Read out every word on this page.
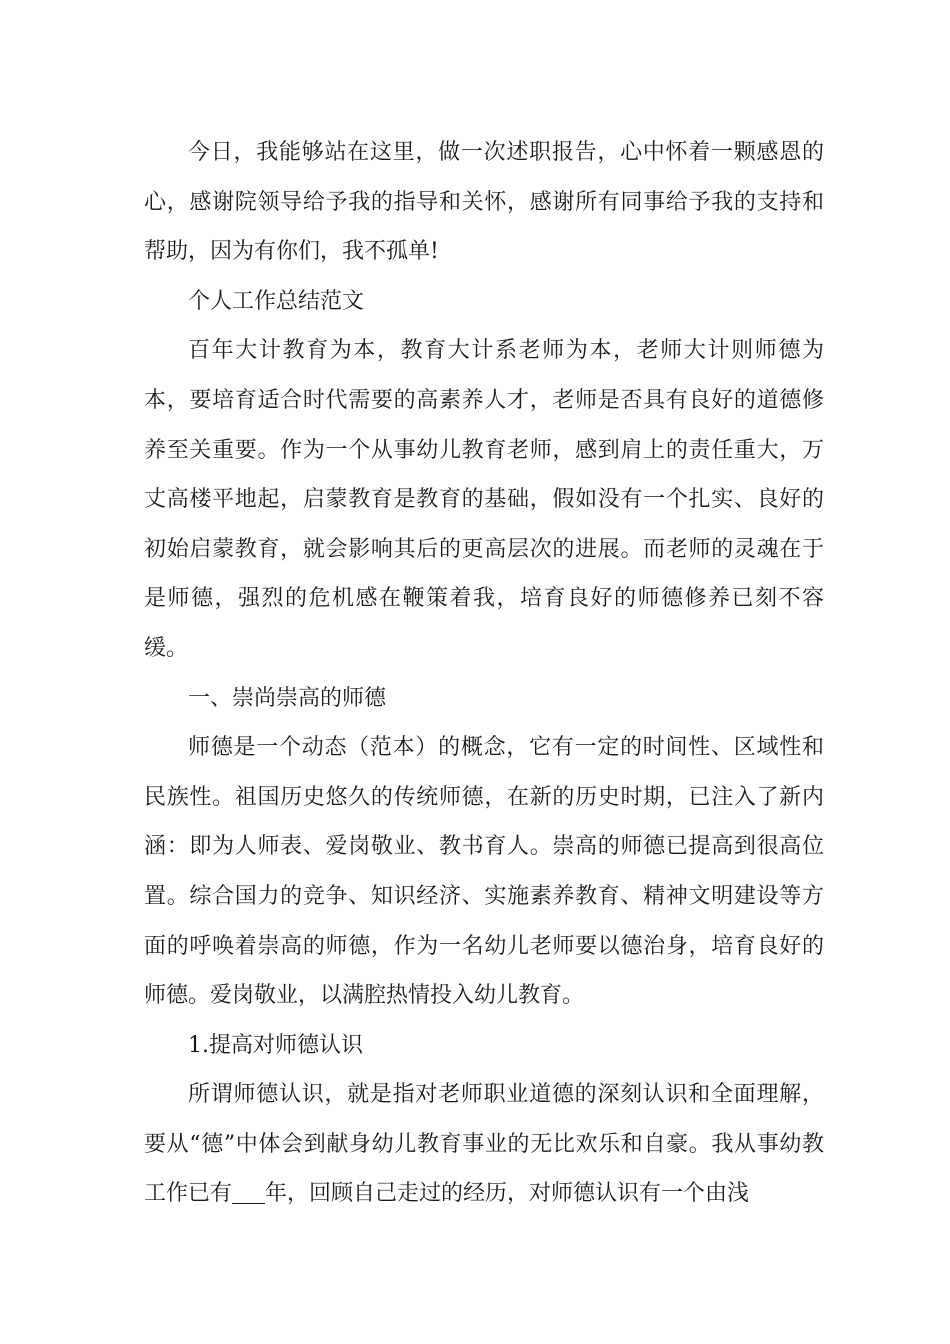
今日，我能够站在这里，做一次述职报告，心中怀着一颗感恩的心，感谢院领导给予我的指导和关怀，感谢所有同事给予我的支持和帮助，因为有你们，我不孤单!

个人工作总结范文

百年大计教育为本，教育大计系老师为本，老师大计则师德为本，要培育适合时代需要的高素养人才，老师是否具有良好的道德修养至关重要。作为一个从事幼儿教育老师，感到肩上的责任重大，万丈高楼平地起，启蒙教育是教育的基础，假如没有一个扎实、良好的初始启蒙教育，就会影响其后的更高层次的进展。而老师的灵魂在于是师德，强烈的危机感在鞭策着我，培育良好的师德修养已刻不容缓。

一、崇尚崇高的师德

师德是一个动态（范本）的概念，它有一定的时间性、区域性和民族性。祖国历史悠久的传统师德，在新的历史时期，已注入了新内涵：即为人师表、爱岗敬业、教书育人。崇高的师德已提高到很高位置。综合国力的竞争、知识经济、实施素养教育、精神文明建设等方面的呼唤着崇高的师德，作为一名幼儿老师要以德治身，培育良好的师德。爱岗敬业，以满腔热情投入幼儿教育。

1.提高对师德认识

所谓师德认识，就是指对老师职业道德的深刻认识和全面理解，要从“德”中体会到献身幼儿教育事业的无比欢乐和自豪。我从事幼教工作已有 年，回顾自己走过的经历，对师德认识有一个由浅
